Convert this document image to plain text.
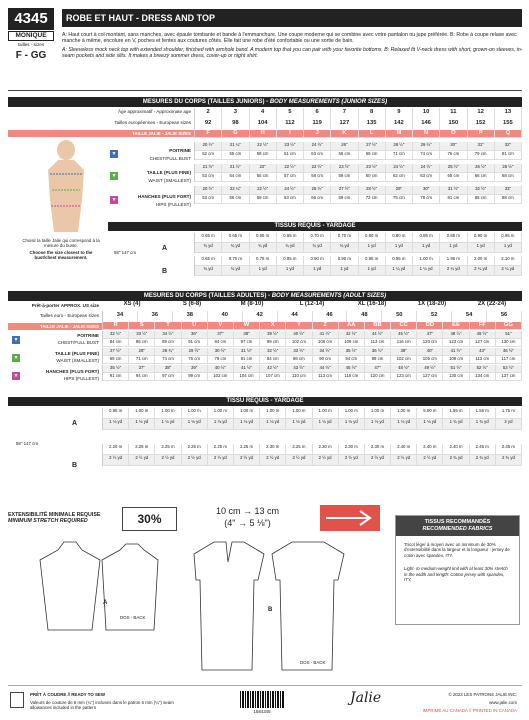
4345
MONIQUE
tailles - sizes
F - GG
ROBE ET HAUT - DRESS AND TOP

A: Haut court à col montant, sans manches, avec épaule tombante et bande à l'emmanchure. Une coupe moderne qui se combine avec votre pantalon ou jupe préférée. B: Robe à coupe relaxe avec manche à même, encolure en V, poches et fentes aux coutures côtés. Élle fait une robe d'été confortable ou une sortie de bain.

A: Sleeveless mock neck top with extended shoulder, finished with armhole band. A modern top that you can pair with your favorite bottoms. B: Relaxed fit V-neck dress with short, grown-on sleeves, in-seam pockets and side slits. It makes a breezy summer dress, cover-up or night shirt.

MESURES DU CORPS (TAILLES JUNIORS) - BODY MEASUREMENTS (JUNIOR SIZES)
Âge approximatif - Approximate age
Tailles européennes - European sizes
TAILLE JALIE - JALIE SIZES
2	3	4	5	6	7	8	9	10	11	12	13
92	98	104	112	119	127	135	142	146	150	152	155
F	G	H	I	J	K	L	M	N	O	P	Q
20 ½"	21 ¼"	22 ½"	23 ½"	24 ½"	26"	27 ½"	28 ½"	29 ½"	30"	31"	32"
52 cm	55 cm	58 cm	61 cm	63 cm	66 cm	69 cm	71 cm	74 cm	76 cm	79 cm	81 cm
21 ½"	21 ½"	22"	22 ½"	22 ½"	23 ½"	23 ½"	24 ½"	24 ½"	25 ½"	26 ½"	26 ½"
53 cm	54 cm	55 cm	57 cm	58 cm	59 cm	60 cm	62 cm	63 cm	65 cm	66 cm	68 cm
20 ½"	22 ¼"	22 ½"	24 ½"	25 ½"	27 ½"	28 ½"	29"	30"	31 ½"	32 ½"	33"
53 cm	56 cm	59 cm	63 cm	66 cm	69 cm	72 cm	75 cm	78 cm	81 cm	85 cm	88 cm
Choisir la taille Jalie qui correspond à la mesure du buste.
Choose the size closest to the bust/chest measurement.
POITRINE
CHEST/FULL BUST
▼
TAILLE (PLUS FINE)
WAIST (SMALLEST)
▼
HANCHES (PLUS FORT)
HIPS (FULLEST)
▼
TISSUS REQUIS - YARDAGE
58" 147 cm
A
B
0.65 m	0.65 m	0.65 m	0.65 m	0.70 m	0.70 m	0.80 m	0.80 m	0.85 m	0.85 m	0.90 m	0.95 m
¾ yd	¾ yd	¾ yd	¾ yd	¾ yd	¾ yd	1 yd	1 yd	1 yd	1 yd	1 yd	1 yd
0.65 m	0.70 m	0.75 m	0.85 m	0.90 m	0.90 m	0.95 m	0.95 m	1.00 m	1.95 m	2.00 m	2.10 m
¾ yd	¾ yd	1 yd	1 yd	1 yd	1 yd	1 yd	1 ¼ yd	1 ¼ yd	2 ¼ yd	2 ¼ yd	2 ¼ yd
MESURES DU CORPS (TAILLES ADULTES) - BODY MEASUREMENTS (ADULT SIZES)
Prêt-à-porter APPROX. US size	XS (4)	S (6-8)	M (8-10)	L (12-14)	XL (16-18)	1X (18-20)	2X (22-24)
Tailles euro - European sizes
TAILLE JALIE - JALIE SIZES
34	36	38	40	42	44	46	48	50	52	54	56
R	S	T	U	V	W	X	Y	Z	AA	BB	CC	DD	EE	FF	GG
32 ½"	33 ½"	34 ½"	36"	37"	38"	39 ½"	40 ½"	41 ½"	42 ½"	44 ½"	45 ½"	47"	48 ½"	49 ½"	51"
84 cm	86 cm	89 cm	91 cm	94 cm	97 cm	99 cm	102 cm	106 cm	109 cm	113 cm	116 cm	120 cm	123 cm	127 cm	130 cm
27 ½"	28"	28 ¾"	29 ½"	30 ½"	31 ½"	32 ½"	33 ½"	34 ½"	35 ½"	36 ½"	38"	40"	41 ½"	43"	46 ½"
69 cm	71 cm	74 cm	76 cm	79 cm	81 cm	84 cm	86 cm	90 cm	94 cm	98 cm	102 cm	105 cm	109 cm	113 cm	117 cm
35 ½"	37"	38"	39"	40 ½"	41 ½"	42 ½"	43 ½"	44 ½"	45 ½"	47"	48 ½"	49 ½"	51 ½"	52 ½"	53 ½"
91 cm	94 cm	97 cm	99 cm	102 cm	104 cm	107 cm	110 cm	113 cm	116 cm	120 cm	123 cm	127 cm	130 cm	134 cm	137 cm
▼
POITRINE
CHEST/FULL BUST
▼
TAILLE (PLUS FINE)
WAIST (SMALLEST)
▼
HANCHES (PLUS FORT)
HIPS (FULLEST)
TISSU REQUIS - YARDAGE
58" 147 cm
A
B
0.95 m	1.00 m	1.00 m	1.00 m	1.00 m	1.00 m	1.00 m	1.00 m	1.00 m	1.00 m	1.00 m	1.00 m	5.00 m	1.55 m	1.55 m	1.75 m
1 ⅛ yd	1 ⅛ yd	1 ⅛ yd	1 ⅛ yd	1 ⅛ yd	1 ⅛ yd	1 ⅛ yd	1 ⅛ yd	1 ⅛ yd	1 ⅛ yd	1 ⅛ yd	1 ⅛ yd	1 ⅛ yd	1 ¾ yd	1 ¾ yd	2 yd
2.20 m	2.25 m	2.25 m	2.25 m	2.25 m	2.25 m	2.30 m	2.25 m	2.30 m	2.30 m	2.30 m	2.40 m	2.40 m	2.40 m	2.45 m	2.45 m
2 ½ yd	2 ½ yd	2 ½ yd	2 ½ yd	2 ½ yd	2 ½ yd	2 ½ yd	2 ½ yd	2 ½ yd	2 ½ yd	2 ½ yd	2 ½ yd	2 ½ yd	2 ¾ yd	2 ¾ yd	2 ¾ yd
EXTENSIBILITÉ MINIMALE REQUISE
MINIMUM STRETCH REQUIRED	30%
10 cm → 13 cm
(4" → 5 ⅛")	TISSUS RECOMMANDÉS
RECOMMENDED FABRICS
Tricot léger à moyen avec un minimum de 30% d'extensibilité dans la largeur et la longueur : jersey de coton avec spandex, ITY.
Light- to medium-weight knit with at least 30% stretch in the width and length: Cotton jersey with spandex, ITY.
A
DOS - BACK
B
DOS - BACK
PRÊT À COUDRE // READY TO SEW
Valeurs de couture de 6 mm (¼") incluses dans le patron 6 mm (¼") seam allowances included in the pattern
1584345
Jalie	© 2023 LES PATRONS JALIE INC.
www.jalie.com
IMPRIMÉ AU CANADA // PRINTED IN CANADA
